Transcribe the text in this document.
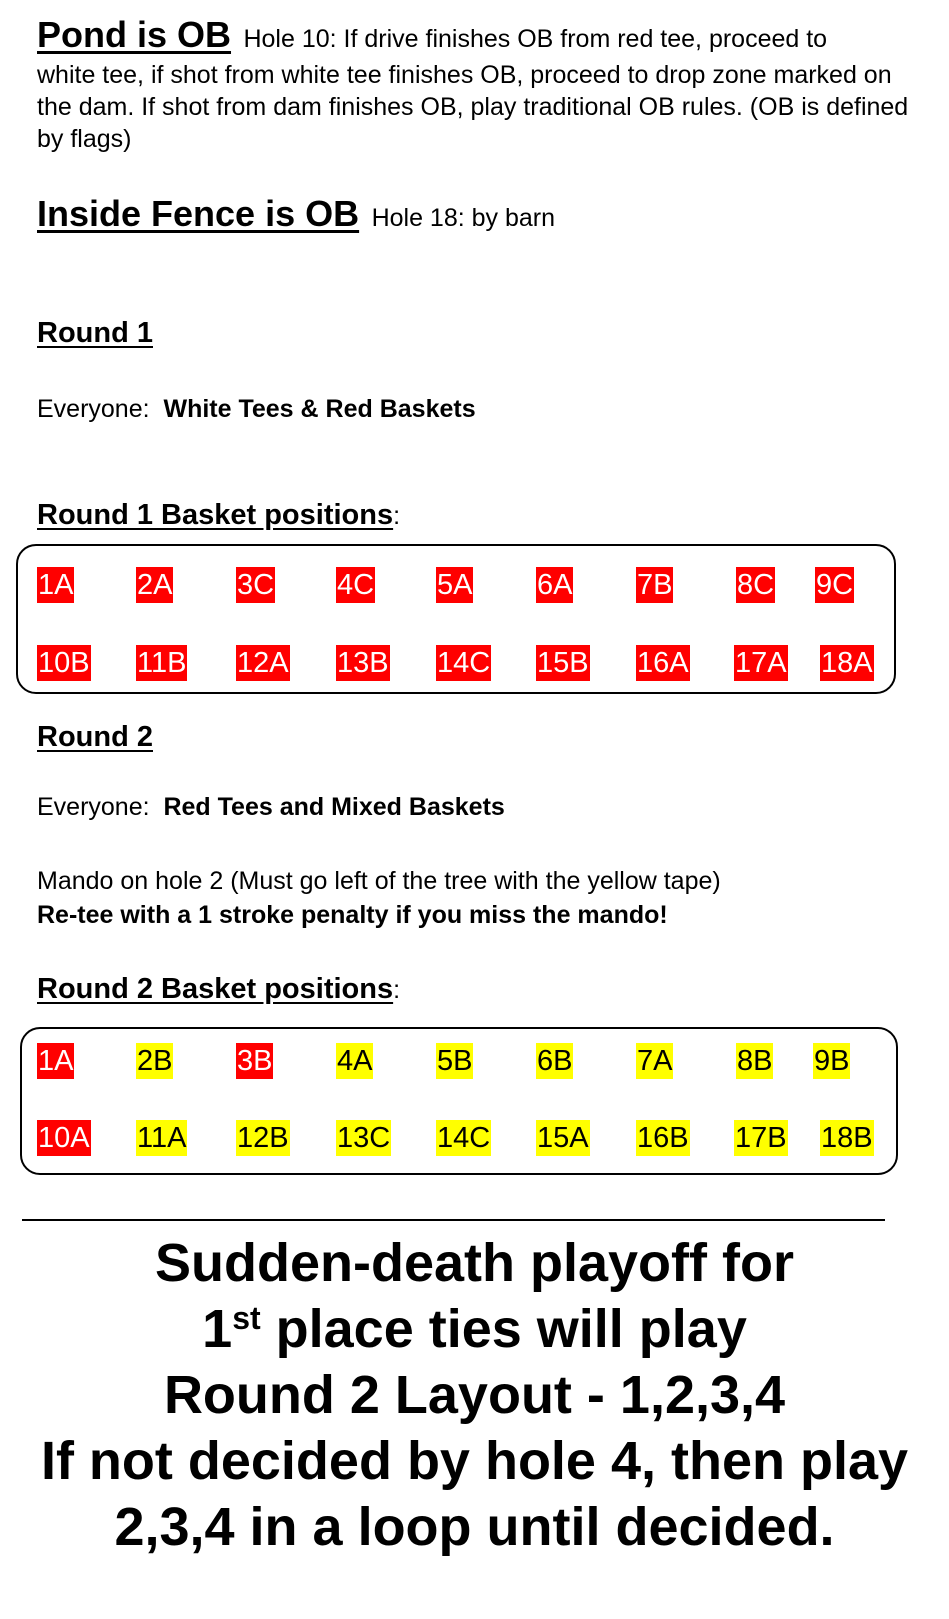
Pond is OB Hole 10: If drive finishes OB from red tee, proceed to
white tee, if shot from white tee finishes OB, proceed to drop zone marked on the dam. If shot from dam finishes OB, play traditional OB rules. (OB is defined by flags)
Inside Fence is OB Hole 18: by barn
Round 1
Everyone: White Tees & Red Baskets
Round 1 Basket positions:
1A 2A 3C 4C 5A 6A 7B 8C 9C
10B 11B 12A 13B 14C 15B 16A 17A 18A
Round 2
Everyone: Red Tees and Mixed Baskets
Mando on hole 2 (Must go left of the tree with the yellow tape)
Re-tee with a 1 stroke penalty if you miss the mando!
Round 2 Basket positions:
1A 2B 3B 4A 5B 6B 7A 8B 9B
10A 11A 12B 13C 14C 15A 16B 17B 18B
Sudden-death playoff for
1st place ties will play
Round 2 Layout - 1,2,3,4
If not decided by hole 4, then play
2,3,4 in a loop until decided.
